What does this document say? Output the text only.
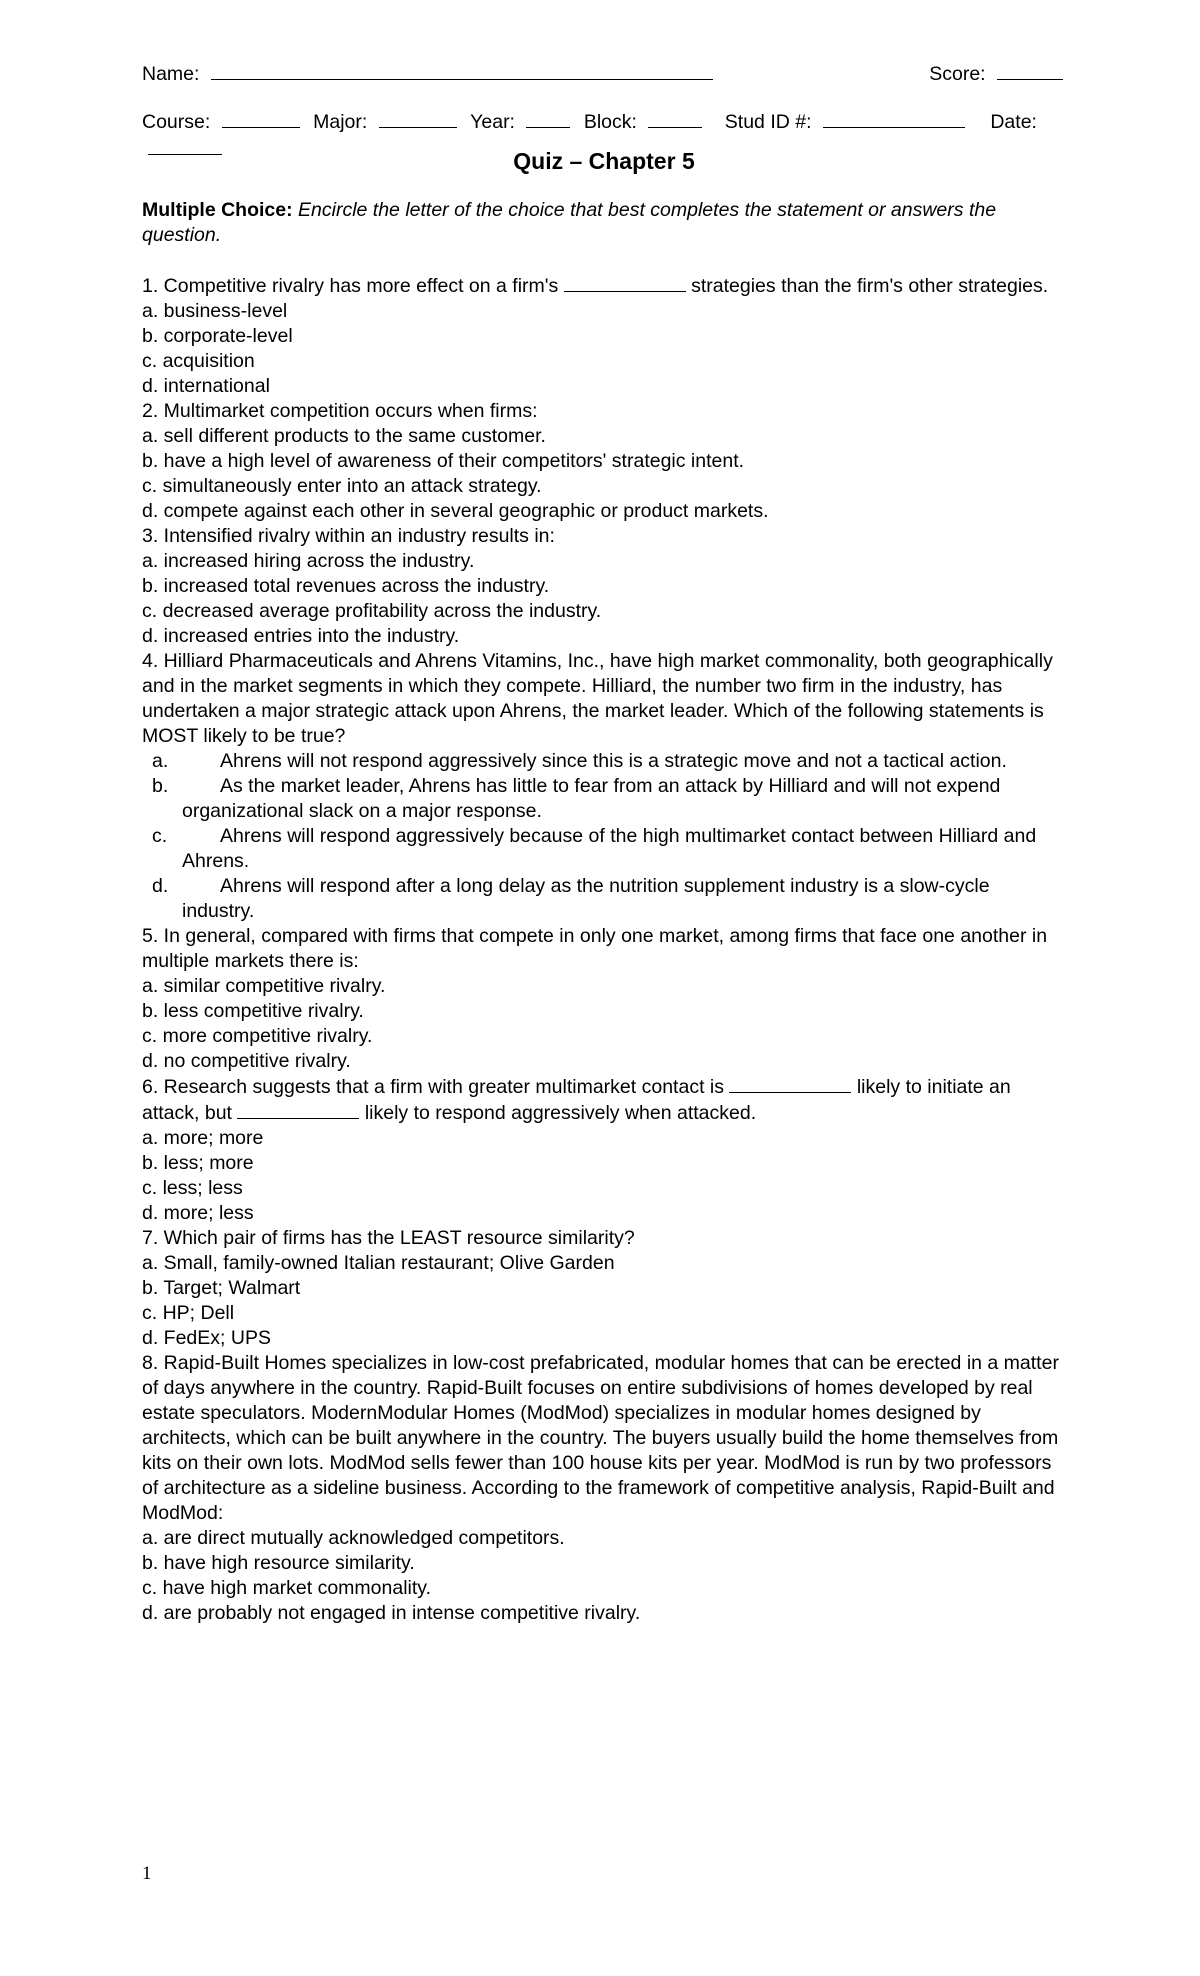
Name:	Score:
Course:	Major:	Year:	Block:	Stud ID #:	Date:
Quiz – Chapter 5
Multiple Choice: Encircle the letter of the choice that best completes the statement or answers the question.

1. Competitive rivalry has more effect on a firm's	strategies than the firm's other strategies.

a. business-level

b. corporate-level

c. acquisition

d. international

2. Multimarket competition occurs when firms:

a. sell different products to the same customer.

b. have a high level of awareness of their competitors' strategic intent.

c. simultaneously enter into an attack strategy.

d. compete against each other in several geographic or product markets.

3. Intensified rivalry within an industry results in:

a. increased hiring across the industry.

b. increased total revenues across the industry.

c. decreased average profitability across the industry.

d. increased entries into the industry.

4. Hilliard Pharmaceuticals and Ahrens Vitamins, Inc., have high market commonality, both geographically and in the market segments in which they compete. Hilliard, the number two firm in the industry, has undertaken a major strategic attack upon Ahrens, the market leader. Which of the following statements is MOST likely to be true?

a.	Ahrens will not respond aggressively since this is a strategic move and not a tactical action.

b.	As the market leader, Ahrens has little to fear from an attack by Hilliard and will not expend organizational slack on a major response.

c.	Ahrens will respond aggressively because of the high multimarket contact between Hilliard and Ahrens.

d.	Ahrens will respond after a long delay as the nutrition supplement industry is a slow-cycle industry.

5. In general, compared with firms that compete in only one market, among firms that face one another in multiple markets there is:

a. similar competitive rivalry.

b. less competitive rivalry.

c. more competitive rivalry.

d. no competitive rivalry.

6. Research suggests that a firm with greater multimarket contact is	likely to initiate an attack, but	likely to respond aggressively when attacked.

a. more; more

b. less; more

c. less; less

d. more; less

7. Which pair of firms has the LEAST resource similarity?

a. Small, family-owned Italian restaurant; Olive Garden

b. Target; Walmart

c. HP; Dell

d. FedEx; UPS

8. Rapid-Built Homes specializes in low-cost prefabricated, modular homes that can be erected in a matter of days anywhere in the country. Rapid-Built focuses on entire subdivisions of homes developed by real estate speculators. ModernModular Homes (ModMod) specializes in modular homes designed by architects, which can be built anywhere in the country. The buyers usually build the home themselves from kits on their own lots. ModMod sells fewer than 100 house kits per year. ModMod is run by two professors of architecture as a sideline business. According to the framework of competitive analysis, Rapid-Built and ModMod:

a. are direct mutually acknowledged competitors.

b. have high resource similarity.

c. have high market commonality.

d. are probably not engaged in intense competitive rivalry.

1
